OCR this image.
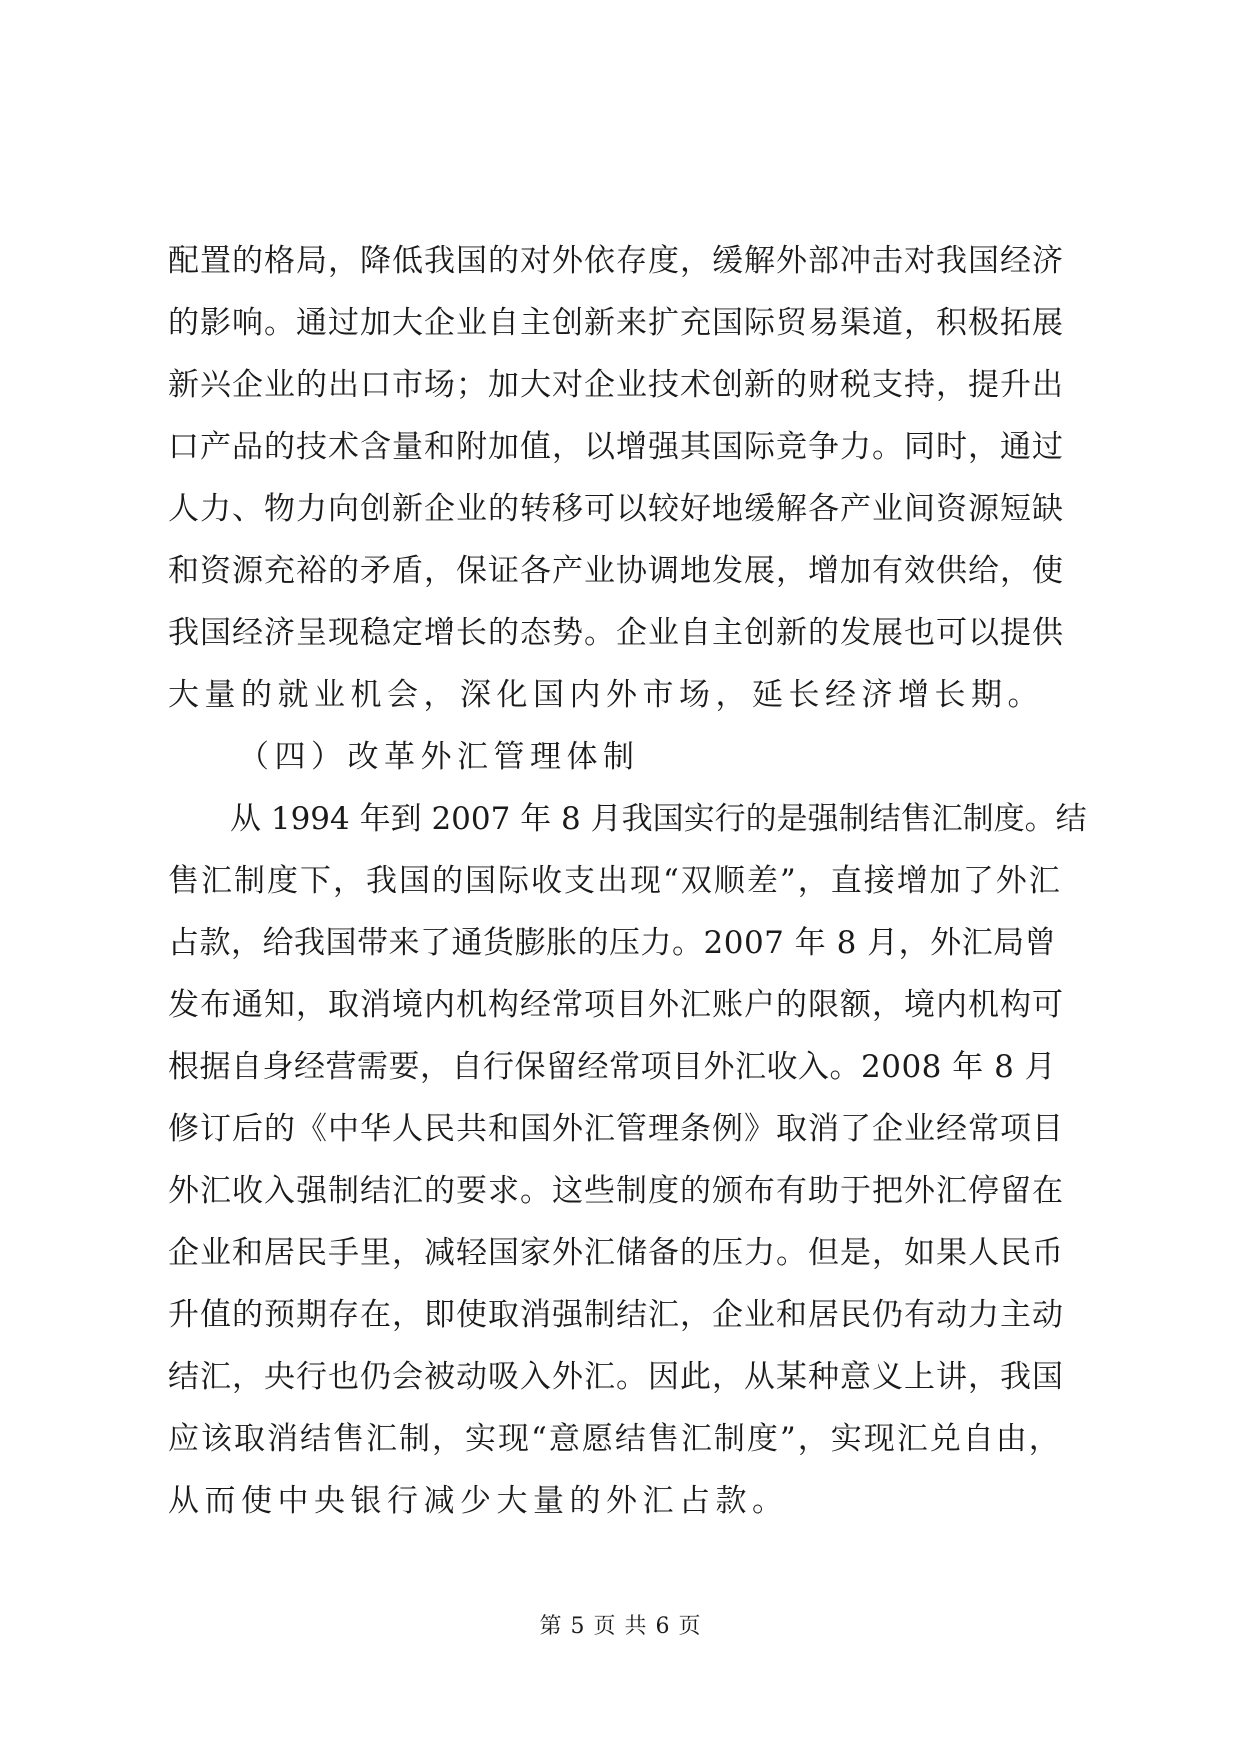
配置的格局，降低我国的对外依存度，缓解外部冲击对我国经济
的影响。通过加大企业自主创新来扩充国际贸易渠道，积极拓展
新兴企业的出口市场；加大对企业技术创新的财税支持，提升出
口产品的技术含量和附加值，以增强其国际竞争力。同时，通过
人力、物力向创新企业的转移可以较好地缓解各产业间资源短缺
和资源充裕的矛盾，保证各产业协调地发展，增加有效供给，使
我国经济呈现稳定增长的态势。企业自主创新的发展也可以提供
大量的就业机会，深化国内外市场，延长经济增长期。
（四）改革外汇管理体制
从 1994 年到 2007 年 8 月我国实行的是强制结售汇制度。结
售汇制度下，我国的国际收支出现“双顺差”，直接增加了外汇
占款，给我国带来了通货膨胀的压力。2007 年 8 月，外汇局曾
发布通知，取消境内机构经常项目外汇账户的限额，境内机构可
根据自身经营需要，自行保留经常项目外汇收入。2008 年 8 月
修订后的《中华人民共和国外汇管理条例》取消了企业经常项目
外汇收入强制结汇的要求。这些制度的颁布有助于把外汇停留在
企业和居民手里，减轻国家外汇储备的压力。但是，如果人民币
升值的预期存在，即使取消强制结汇，企业和居民仍有动力主动
结汇，央行也仍会被动吸入外汇。因此，从某种意义上讲，我国
应该取消结售汇制，实现“意愿结售汇制度”，实现汇兑自由，
从而使中央银行减少大量的外汇占款。
第 5 页 共 6 页
